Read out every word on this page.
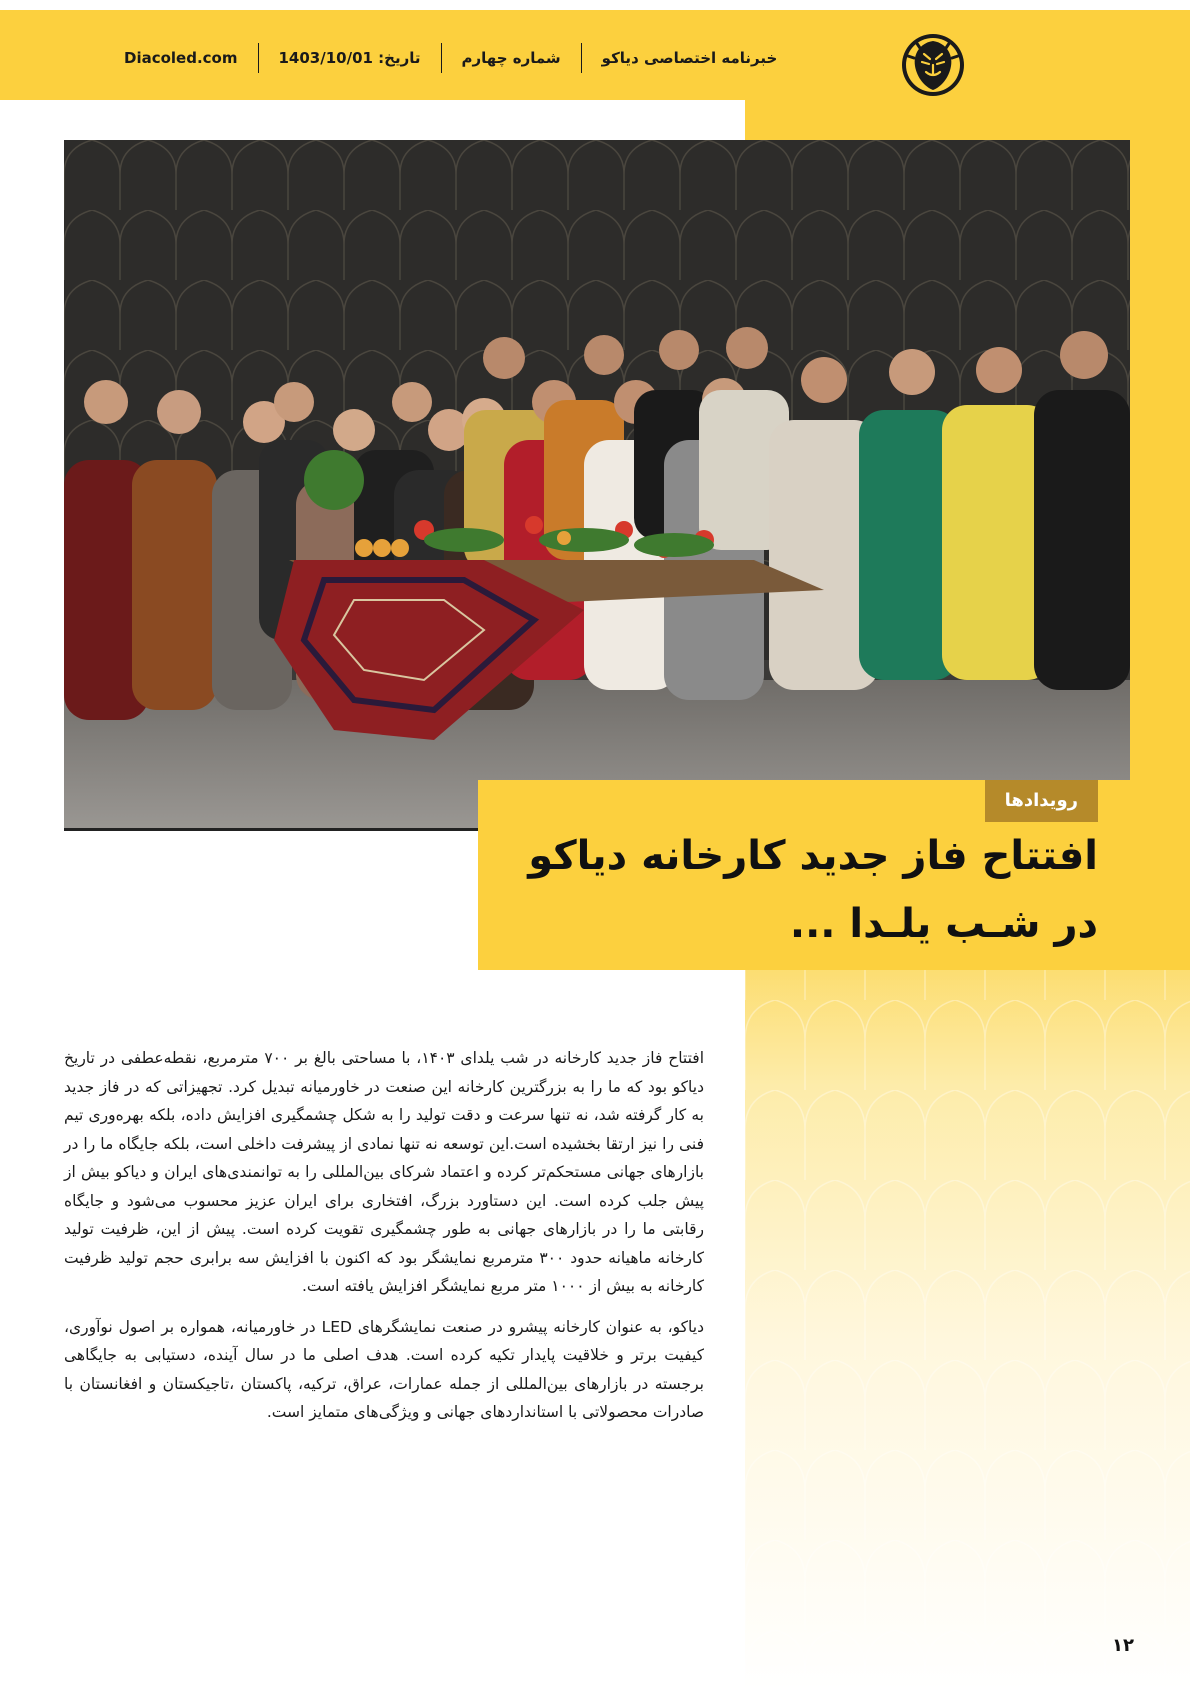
Diacoled.com	تاریخ: 1403/10/01	شماره چهارم	خبرنامه اختصاصی دیاکو
رویدادها
افتتاح فاز جدید کارخانه دیاکو
در شـب یلـدا ...

افتتاح فاز جدید کارخانه در شب یلدای ۱۴۰۳، با مساحتی بالغ بر ۷۰۰ مترمربع، نقطه‌عطفی در تاریخ دیاکو بود که ما را به بزرگترین کارخانه این صنعت در خاورمیانه تبدیل کرد. تجهیزاتی که در فاز جدید به کار گرفته شد، نه تنها سرعت و دقت تولید را به شکل چشمگیری افزایش داده، بلکه بهره‌وری تیم فنی را نیز ارتقا بخشیده است.این توسعه نه تنها نمادی از پیشرفت داخلی است، بلکه جایگاه ما را در بازارهای جهانی مستحکم‌تر کرده و اعتماد شرکای بین‌المللی را به توانمندی‌های ایران و دیاکو بیش از پیش جلب کرده است. این دستاورد بزرگ، افتخاری برای ایران عزیز محسوب می‌شود و جایگاه رقابتی ما را در بازارهای جهانی به طور چشمگیری تقویت کرده است. پیش از این، ظرفیت تولید کارخانه ماهیانه حدود ۳۰۰ مترمربع نمایشگر بود که اکنون با افزایش سه برابری حجم تولید ظرفیت کارخانه به بیش از ۱۰۰۰ متر مربع نمایشگر افزایش یافته است.

دیاکو، به عنوان کارخانه پیشرو در صنعت نمایشگرهای LED در خاورمیانه، همواره بر اصول نوآوری، کیفیت برتر و خلاقیت پایدار تکیه کرده است. هدف اصلی ما در سال آینده، دستیابی به جایگاهی برجسته در بازارهای بین‌المللی از جمله عمارات، عراق، ترکیه، پاکستان ،تاجیکستان و افغانستان با صادرات محصولاتی با استانداردهای جهانی و ویژگی‌های متمایز است.

۱۲
